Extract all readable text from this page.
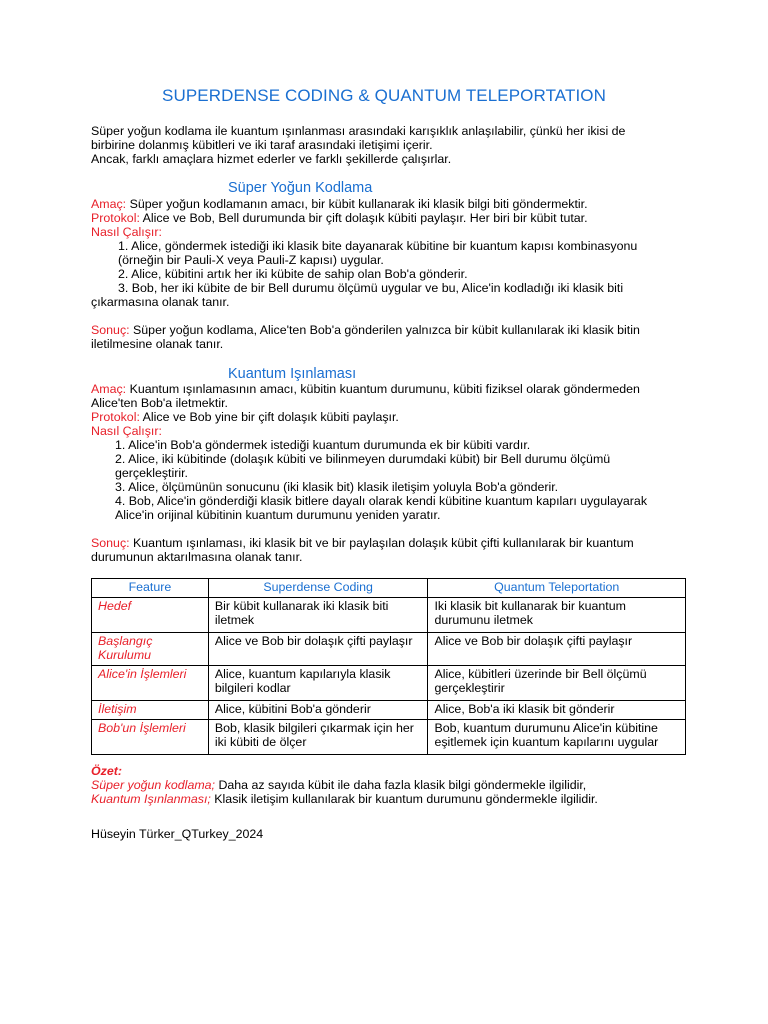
SUPERDENSE CODING & QUANTUM TELEPORTATION
Süper yoğun kodlama ile kuantum ışınlanması arasındaki karışıklık anlaşılabilir, çünkü her ikisi de
birbirine dolanmış kübitleri ve iki taraf arasındaki iletişimi içerir.
Ancak, farklı amaçlara hizmet ederler ve farklı şekillerde çalışırlar.
Süper Yoğun Kodlama
Amaç: Süper yoğun kodlamanın amacı, bir kübit kullanarak iki klasik bilgi biti göndermektir.
Protokol: Alice ve Bob, Bell durumunda bir çift dolaşık kübiti paylaşır. Her biri bir kübit tutar.
Nasıl Çalışır:
1. Alice, göndermek istediği iki klasik bite dayanarak kübitine bir kuantum kapısı kombinasyonu
(örneğin bir Pauli-X veya Pauli-Z kapısı) uygular.
2. Alice, kübitini artık her iki kübite de sahip olan Bob'a gönderir.
3. Bob, her iki kübite de bir Bell durumu ölçümü uygular ve bu, Alice'in kodladığı iki klasik biti
çıkarmasına olanak tanır.
Sonuç: Süper yoğun kodlama, Alice'ten Bob'a gönderilen yalnızca bir kübit kullanılarak iki klasik bitin
iletilmesine olanak tanır.
Kuantum Işınlaması
Amaç: Kuantum ışınlamasının amacı, kübitin kuantum durumunu, kübiti fiziksel olarak göndermeden
Alice'ten Bob'a iletmektir.
Protokol: Alice ve Bob yine bir çift dolaşık kübiti paylaşır.
Nasıl Çalışır:
1. Alice'in Bob'a göndermek istediği kuantum durumunda ek bir kübiti vardır.
2. Alice, iki kübitinde (dolaşık kübiti ve bilinmeyen durumdaki kübit) bir Bell durumu ölçümü
gerçekleştirir.
3. Alice, ölçümünün sonucunu (iki klasik bit) klasik iletişim yoluyla Bob'a gönderir.
4. Bob, Alice'in gönderdiği klasik bitlere dayalı olarak kendi kübitine kuantum kapıları uygulayarak
Alice'in orijinal kübitinin kuantum durumunu yeniden yaratır.
Sonuç: Kuantum ışınlaması, iki klasik bit ve bir paylaşılan dolaşık kübit çifti kullanılarak bir kuantum
durumunun aktarılmasına olanak tanır.
Feature	Superdense Coding	Quantum Teleportation
Hedef	Bir kübit kullanarak iki klasik biti iletmek	Iki klasik bit kullanarak bir kuantum durumunu iletmek
Başlangıç Kurulumu	Alice ve Bob bir dolaşık çifti paylaşır	Alice ve Bob bir dolaşık çifti paylaşır
Alice'in İşlemleri	Alice, kuantum kapılarıyla klasik bilgileri kodlar	Alice, kübitleri üzerinde bir Bell ölçümü gerçekleştirir
İletişim	Alice, kübitini Bob'a gönderir	Alice, Bob'a iki klasik bit gönderir
Bob'un İşlemleri	Bob, klasik bilgileri çıkarmak için her iki kübiti de ölçer	Bob, kuantum durumunu Alice'in kübitine eşitlemek için kuantum kapılarını uygular
Özet:
Süper yoğun kodlama; Daha az sayıda kübit ile daha fazla klasik bilgi göndermekle ilgilidir,
Kuantum Işınlanması; Klasik iletişim kullanılarak bir kuantum durumunu göndermekle ilgilidir.
Hüseyin Türker_QTurkey_2024
